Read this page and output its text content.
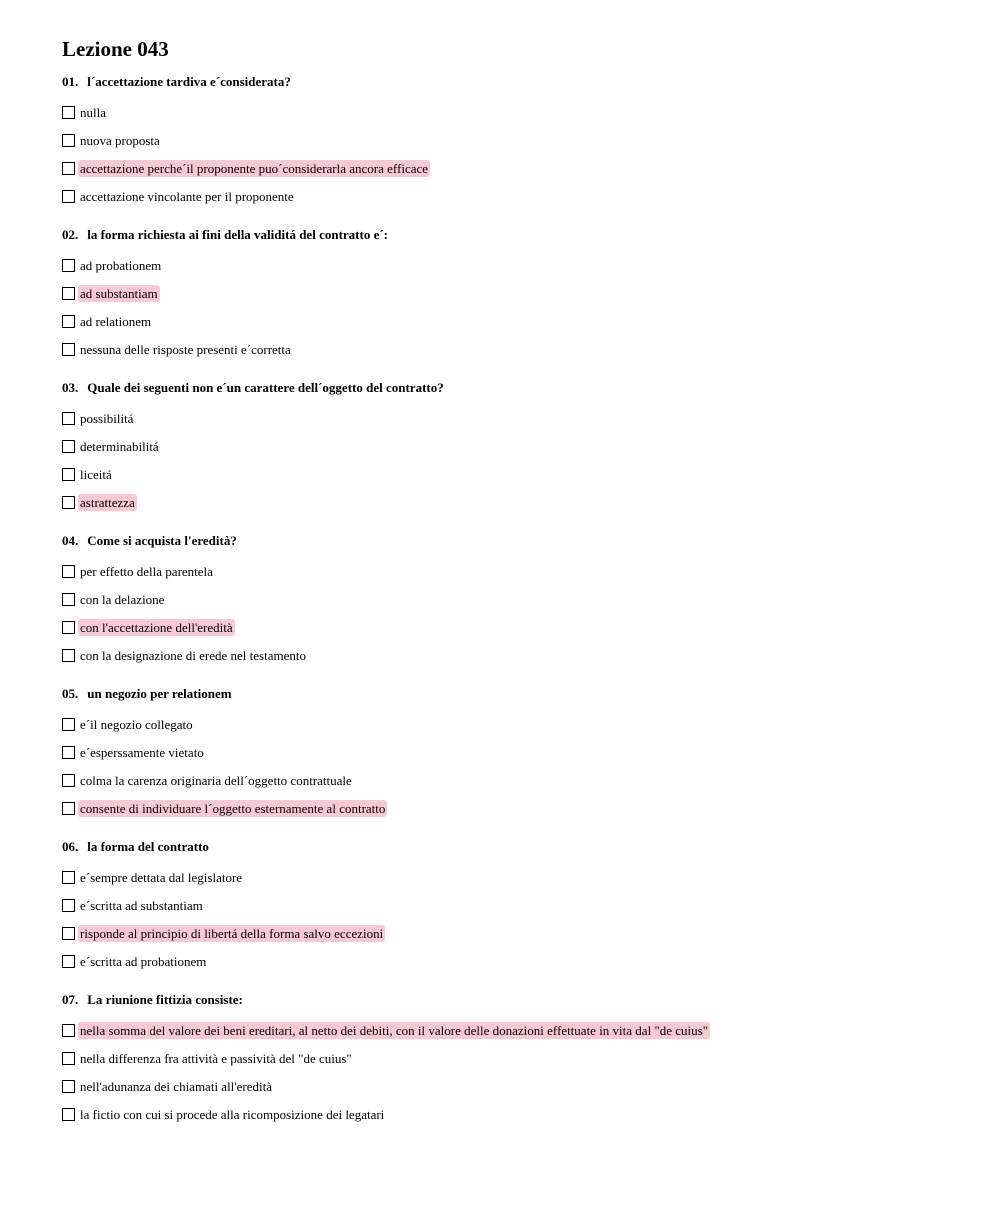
Lezione 043
01. l´accettazione tardiva e´considerata?
nulla
nuova proposta
accettazione perche´il proponente puo´considerarla ancora efficace
accettazione vincolante per il proponente
02. la forma richiesta ai fini della validitá del contratto e´:
ad probationem
ad substantiam
ad relationem
nessuna delle risposte presenti e´corretta
03. Quale dei seguenti non e´un carattere dell´oggetto del contratto?
possibilitá
determinabilitá
liceitá
astrattezza
04. Come si acquista l'eredità?
per effetto della parentela
con la delazione
con l'accettazione dell'eredità
con la designazione di erede nel testamento
05. un negozio per relationem
e´il negozio collegato
e´esperssamente vietato
colma la carenza originaria dell´oggetto contrattuale
consente di individuare l´oggetto esternamente al contratto
06. la forma del contratto
e´sempre dettata dal legislatore
e´scritta ad substantiam
risponde al principio di libertá della forma salvo eccezioni
e´scritta ad probationem
07. La riunione fittizia consiste:
nella somma del valore dei beni ereditari, al netto dei debiti, con il valore delle donazioni effettuate in vita dal "de cuius"
nella differenza fra attività e passività del "de cuius"
nell'adunanza dei chiamati all'eredità
la fictio con cui si procede alla ricomposizione dei legatari
